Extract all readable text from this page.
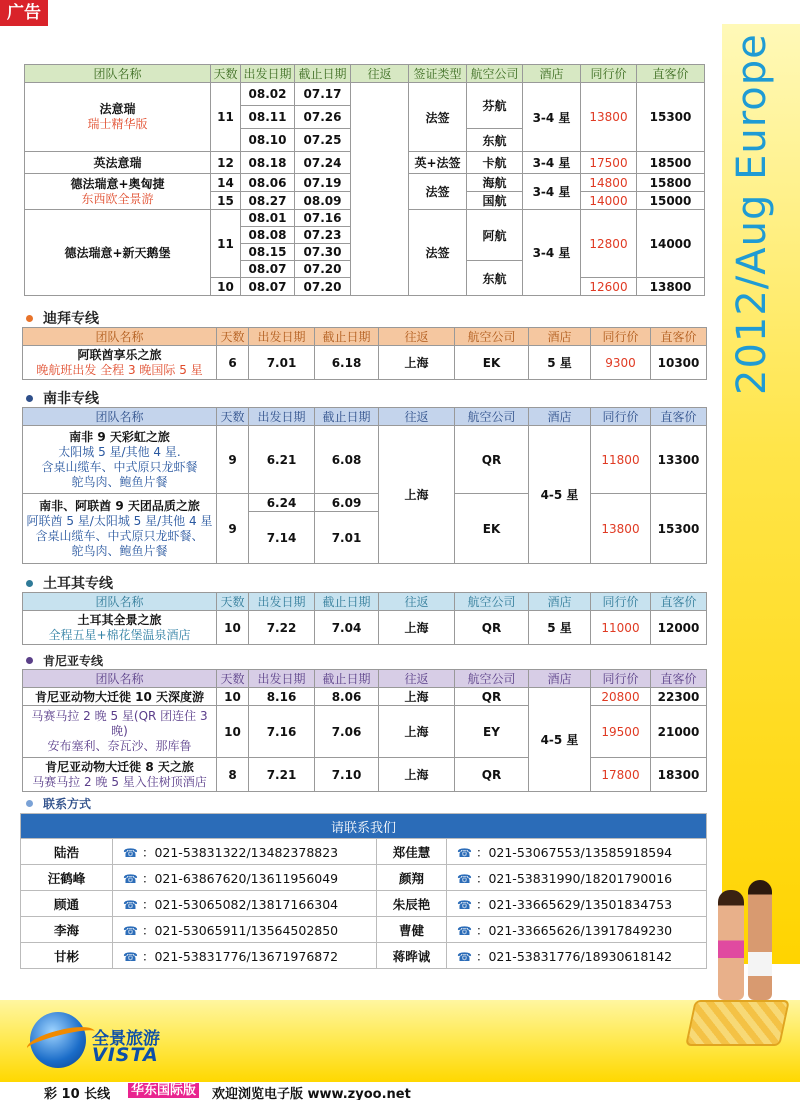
广告
2012/Aug Europe
团队名称	天数	出发日期	截止日期	往返	签证类型	航空公司	酒店	同行价	直客价

法意瑞
瑞士精华版	11	08.02	07.17		法签	芬航	3-4 星	13800	15300
		08.11	07.26						
		08.10	07.25			东航			
英法意瑞	12	08.18	07.24		英+法签	卡航	3-4 星	17500	18500

德法瑞意+奥匈捷
东西欧全景游	14	08.06	07.19		法签	海航	3-4 星	14800	15800
	15	08.27	08.09			国航		14000	15000
德法瑞意+新天鹅堡	11	08.01	07.16		法签	阿航	3-4 星	12800	14000
		08.08	07.23						
		08.15	07.30						
		08.07	07.20			东航			
	10	08.07	07.20					12600	13800
迪拜专线
团队名称	天数	出发日期	截止日期	往返	航空公司	酒店	同行价	直客价

阿联酋享乐之旅
晚航班出发 全程 3 晚国际 5 星	6	7.01	6.18	上海	EK	5 星	9300	10300
南非专线
团队名称	天数	出发日期	截止日期	往返	航空公司	酒店	同行价	直客价

南非 9 天彩虹之旅
太阳城 5 星/其他 4 星.
含桌山缆车、中式原只龙虾餐
鸵鸟肉、鲍鱼片餐	9	6.21	6.08	上海	QR	4-5 星	11800	13300

南非、阿联酋 9 天团品质之旅
阿联酋 5 星/太阳城 5 星/其他 4 星
含桌山缆车、中式原只龙虾餐、
鸵鸟肉、鲍鱼片餐	9	6.24	6.09		EK		13800	15300
		7.14	7.01					
土耳其专线
团队名称	天数	出发日期	截止日期	往返	航空公司	酒店	同行价	直客价

土耳其全景之旅
全程五星+棉花堡温泉酒店	10	7.22	7.04	上海	QR	5 星	11000	12000
肯尼亚专线
团队名称	天数	出发日期	截止日期	往返	航空公司	酒店	同行价	直客价
肯尼亚动物大迁徙 10 天深度游	10	8.16	8.06	上海	QR	4-5 星	20800	22300

马赛马拉 2 晚 5 星(QR 团连住 3 晚)
安布塞利、奈瓦沙、那库鲁	10	7.16	7.06	上海	EY		19500	21000

肯尼亚动物大迁徙 8 天之旅
马赛马拉 2 晚 5 星入住树顶酒店	8	7.21	7.10	上海	QR		17800	18300
联系方式
请联系我们			
陆浩	☎ ：021-53831322/13482378823	郑佳慧	☎ ：021-53067553/13585918594
汪鹤峰	☎ ：021-63867620/13611956049	颜翔	☎ ：021-53831990/18201790016
顾通	☎ ：021-53065082/13817166304	朱辰艳	☎ ：021-33665629/13501834753
李海	☎ ：021-53065911/13564502850	曹健	☎ ：021-33665626/13917849230
甘彬	☎ ：021-53831776/13671976872	蒋晔诚	☎ ：021-53831776/18930618142
全景旅游
VISTA
彩 10 长线 华东国际版 欢迎浏览电子版 www.zyoo.net
